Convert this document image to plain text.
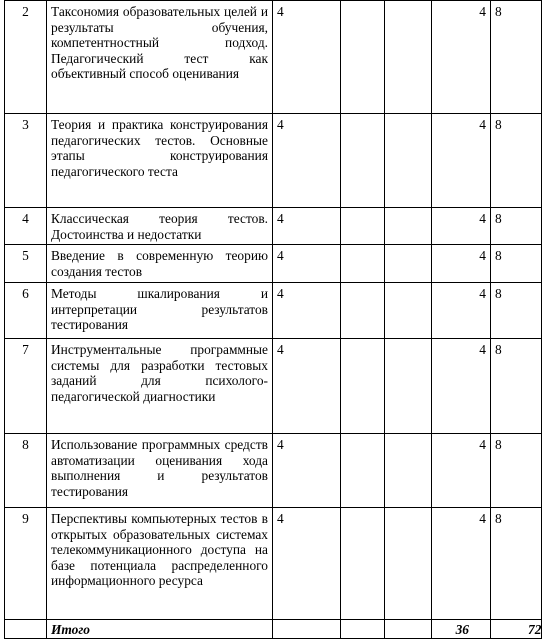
2	Таксономия образовательных целей и результаты обучения, компетентностный подход. Педагогический тест как объективный способ оценивания	4			4	8
3	Теория и практика конструирования педагогических тестов. Основные этапы конструирования педагогического теста	4			4	8
4	Классическая теория тестов. Достоинства и недостатки	4			4	8
5	Введение в современную теорию создания тестов	4			4	8
6	Методы шкалирования и интерпретации результатов тестирования	4			4	8
7	Инструментальные программные системы для разработки тестовых заданий для психолого-педагогической диагностики	4			4	8
8	Использование программных средств автоматизации оценивания хода выполнения и результатов тестирования	4			4	8
9	Перспективы компьютерных тестов в открытых образовательных системах телекоммуникационного доступа на базе потенциала распределенного информационного ресурса	4			4	8
	Итого				36	72
